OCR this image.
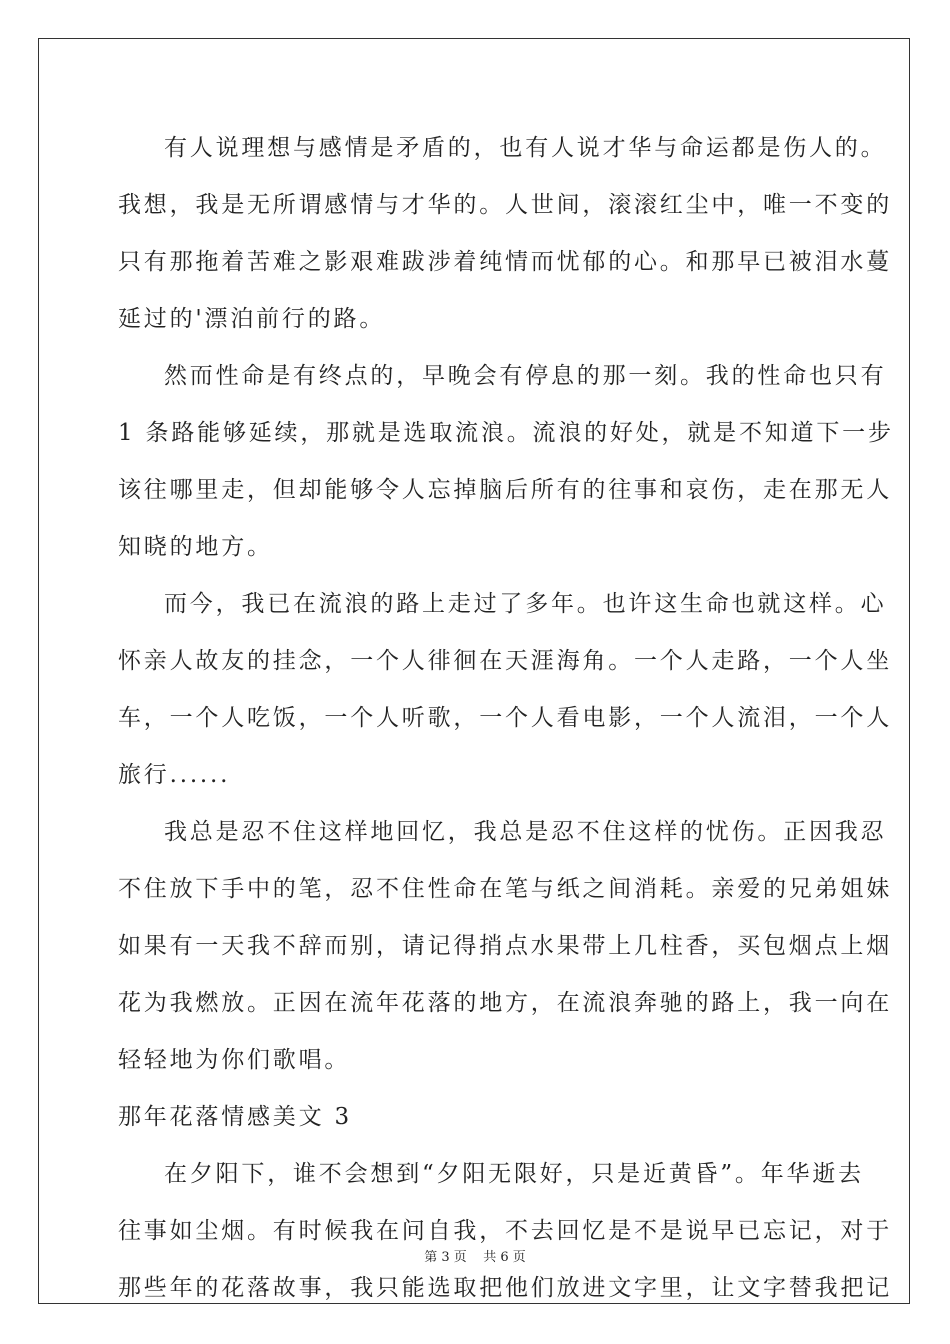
有人说理想与感情是矛盾的，也有人说才华与命运都是伤人的。
我想，我是无所谓感情与才华的。人世间，滚滚红尘中，唯一不变的
只有那拖着苦难之影艰难跋涉着纯情而忧郁的心。和那早已被泪水蔓
延过的'漂泊前行的路。
然而性命是有终点的，早晚会有停息的那一刻。我的性命也只有
1 条路能够延续，那就是选取流浪。流浪的好处，就是不知道下一步
该往哪里走，但却能够令人忘掉脑后所有的往事和哀伤，走在那无人
知晓的地方。
而今，我已在流浪的路上走过了多年。也许这生命也就这样。心
怀亲人故友的挂念，一个人徘徊在天涯海角。一个人走路，一个人坐
车，一个人吃饭，一个人听歌，一个人看电影，一个人流泪，一个人
旅行......
我总是忍不住这样地回忆，我总是忍不住这样的忧伤。正因我忍
不住放下手中的笔，忍不住性命在笔与纸之间消耗。亲爱的兄弟姐妹
如果有一天我不辞而别，请记得捎点水果带上几柱香，买包烟点上烟
花为我燃放。正因在流年花落的地方，在流浪奔驰的路上，我一向在
轻轻地为你们歌唱。
那年花落情感美文 3
在夕阳下，谁不会想到“夕阳无限好，只是近黄昏”。年华逝去
往事如尘烟。有时候我在问自我，不去回忆是不是说早已忘记，对于
那些年的花落故事，我只能选取把他们放进文字里，让文字替我把记
第 3 页 共 6 页
